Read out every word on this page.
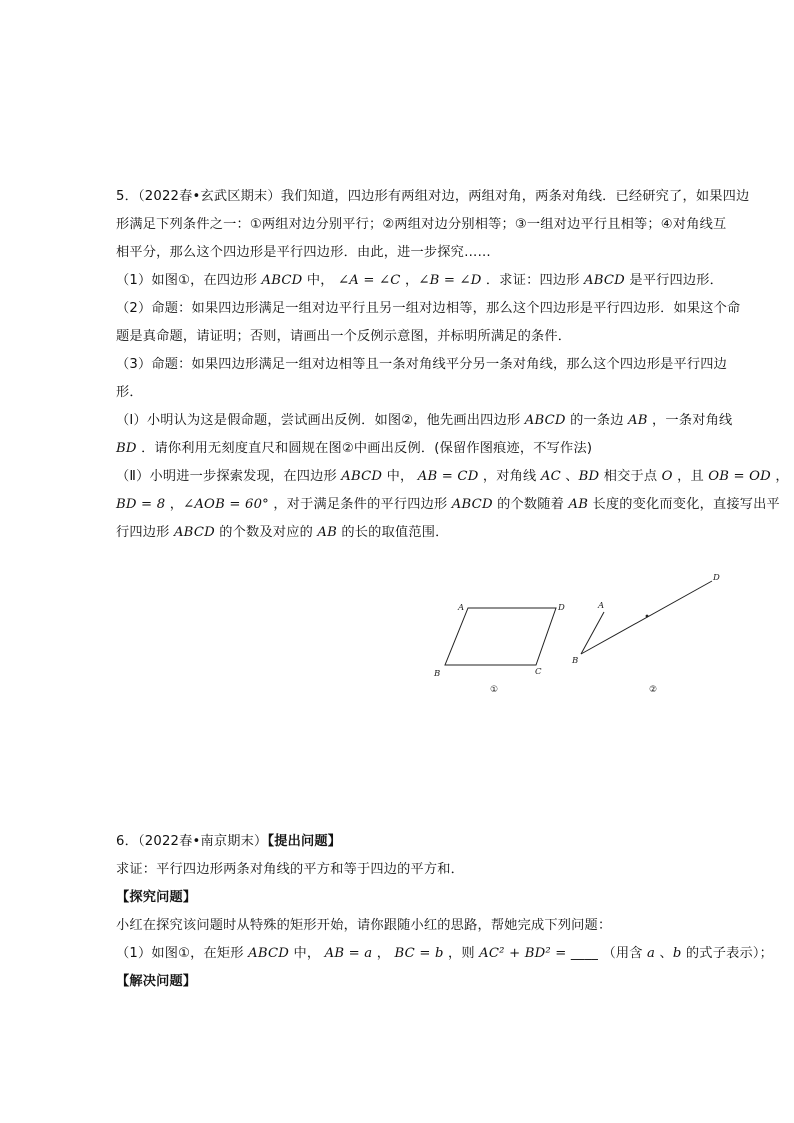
5．（2022春•玄武区期末）我们知道，四边形有两组对边，两组对角，两条对角线．已经研究了，如果四边
形满足下列条件之一：①两组对边分别平行；②两组对边分别相等；③一组对边平行且相等；④对角线互
相平分，那么这个四边形是平行四边形．由此，进一步探究……
（1）如图①，在四边形 ABCD 中， ∠A = ∠C ，∠B = ∠D ．求证：四边形 ABCD 是平行四边形．
（2）命题：如果四边形满足一组对边平行且另一组对边相等，那么这个四边形是平行四边形．如果这个命
题是真命题，请证明；否则，请画出一个反例示意图，并标明所满足的条件．
（3）命题：如果四边形满足一组对边相等且一条对角线平分另一条对角线，那么这个四边形是平行四边
形．
（Ⅰ）小明认为这是假命题，尝试画出反例．如图②，他先画出四边形 ABCD 的一条边 AB ，一条对角线
BD ．请你利用无刻度直尺和圆规在图②中画出反例．(保留作图痕迹，不写作法)
（Ⅱ）小明进一步探索发现，在四边形 ABCD 中， AB = CD ，对角线 AC 、BD 相交于点 O ，且 OB = OD ，
BD = 8 ，∠AOB = 60° ，对于满足条件的平行四边形 ABCD 的个数随着 AB 长度的变化而变化，直接写出平
行四边形 ABCD 的个数及对应的 AB 的长的取值范围．
A	D
B	C
①
A
B
D
②
6．（2022春•南京期末）【提出问题】
求证：平行四边形两条对角线的平方和等于四边的平方和．
【探究问题】
小红在探究该问题时从特殊的矩形开始，请你跟随小红的思路，帮她完成下列问题：
（1）如图①，在矩形 ABCD 中， AB = a ， BC = b ，则 AC² + BD² = ____ （用含 a 、b 的式子表示）；
【解决问题】
